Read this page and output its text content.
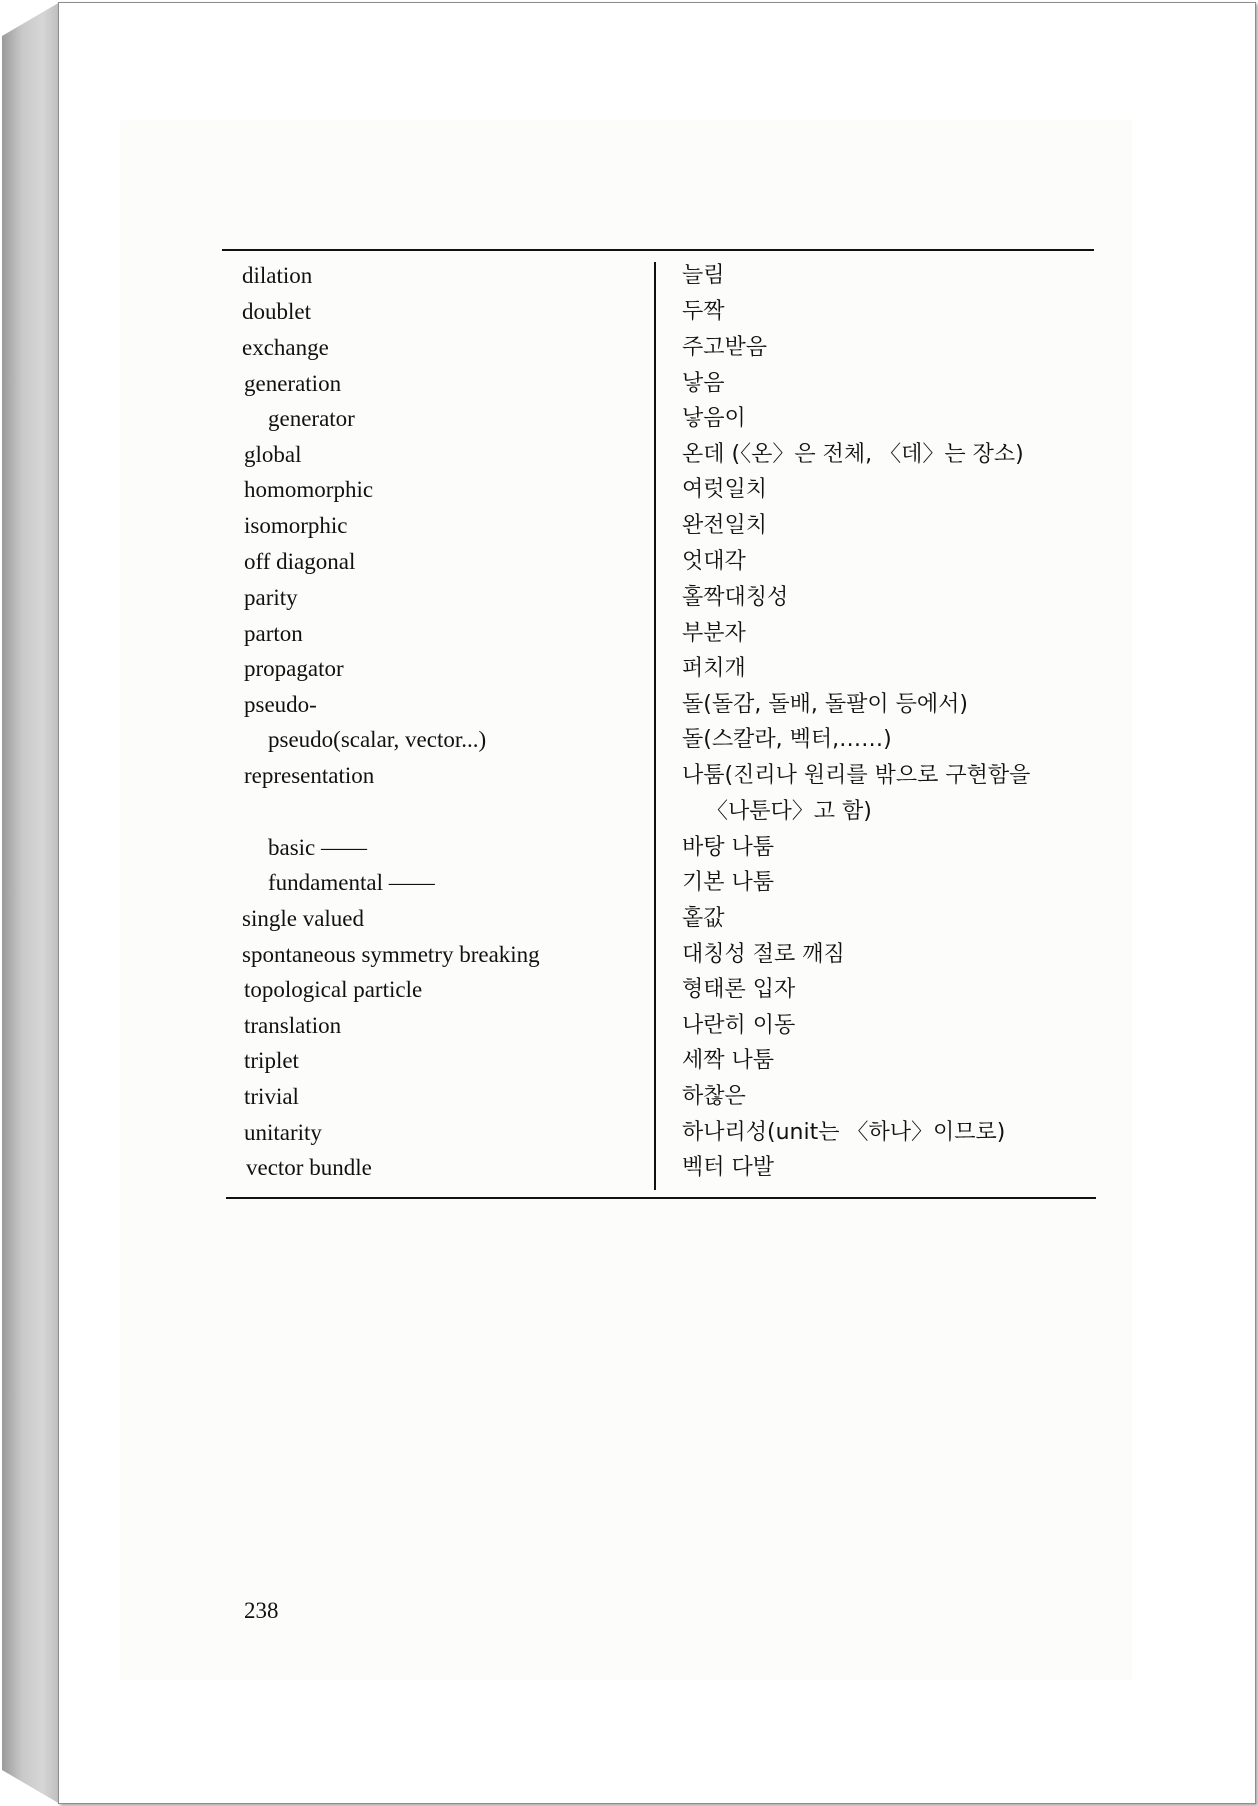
dilation	늘림
doublet	두짝
exchange	주고받음
generation	낳음
generator	낳음이
global	온데 (〈온〉은 전체, 〈데〉는 장소)
homomorphic	여럿일치
isomorphic	완전일치
off diagonal	엇대각
parity	홀짝대칭성
parton	부분자
propagator	퍼치개
pseudo-	돌(돌감, 돌배, 돌팔이 등에서)
pseudo(scalar, vector...)	돌(스칼라, 벡터,……)
representation	나툼(진리나 원리를 밖으로 구현함을
〈나툰다〉고 함)
basic ——	바탕 나툼
fundamental ——	기본 나툼
single valued	홑값
spontaneous symmetry breaking	대칭성 절로 깨짐
topological particle	형태론 입자
translation	나란히 이동
triplet	세짝 나툼
trivial	하찮은
unitarity	하나리성(unit는 〈하나〉이므로)
vector bundle	벡터 다발
238
